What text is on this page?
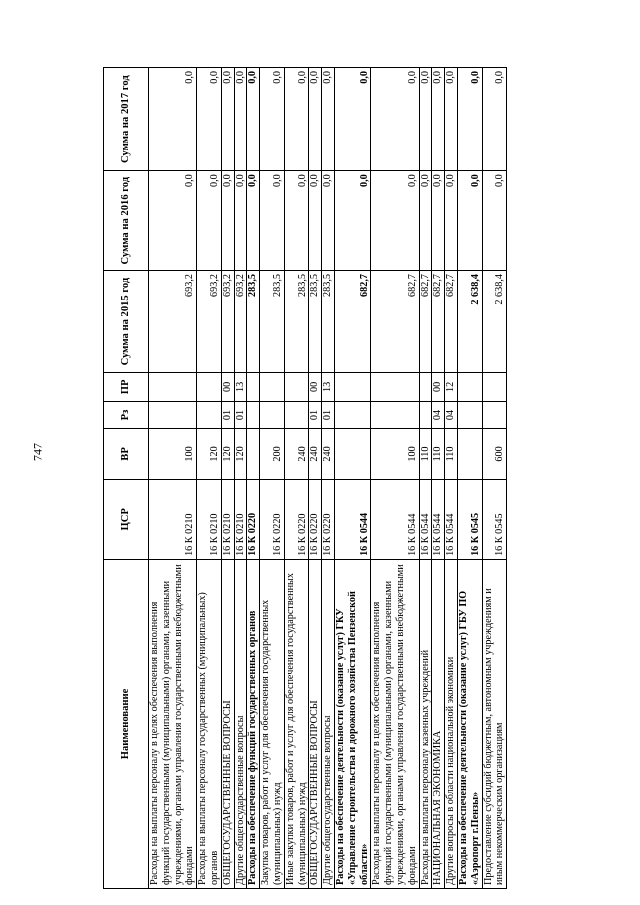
747
Наименование	ЦСР	ВР	Рз	ПР	Сумма на 2015 год	Сумма на 2016 год	Сумма на 2017 год
Расходы на выплаты персоналу в целях обеспечения выполнения функций государственными (муниципальными) органами, казенными учреждениями, органами управления государственными внебюджетными фондами	16 К 0210	100			693,2	0,0	0,0
Расходы на выплаты персоналу государственных (муниципальных) органов	16 К 0210	120			693,2	0,0	0,0
ОБЩЕГОСУДАРСТВЕННЫЕ ВОПРОСЫ	16 К 0210	120	01	00	693,2	0,0	0,0
Другие общегосударственные вопросы	16 К 0210	120	01	13	693,2	0,0	0,0
Расходы на обеспечение функций государственных органов	16 К 0220				283,5	0,0	0,0
Закупка товаров, работ и услуг для обеспечения государственных (муниципальных) нужд	16 К 0220	200			283,5	0,0	0,0
Иные закупки товаров, работ и услуг для обеспечения государственных (муниципальных) нужд	16 К 0220	240			283,5	0,0	0,0
ОБЩЕГОСУДАРСТВЕННЫЕ ВОПРОСЫ	16 К 0220	240	01	00	283,5	0,0	0,0
Другие общегосударственные вопросы	16 К 0220	240	01	13	283,5	0,0	0,0
Расходы на обеспечение деятельности (оказание услуг) ГКУ «Управление строительства и дорожного хозяйства Пензенской области»	16 К 0544				682,7	0,0	0,0
Расходы на выплаты персоналу в целях обеспечения выполнения функций государственными (муниципальными) органами, казенными учреждениями, органами управления государственными внебюджетными фондами	16 К 0544	100			682,7	0,0	0,0
Расходы на выплаты персоналу казенных учреждений	16 К 0544	110			682,7	0,0	0,0
НАЦИОНАЛЬНАЯ ЭКОНОМИКА	16 К 0544	110	04	00	682,7	0,0	0,0
Другие вопросы в области национальной экономики	16 К 0544	110	04	12	682,7	0,0	0,0
Расходы на обеспечение деятельности (оказание услуг) ГБУ ПО «Аэропорт г.Пензы»	16 К 0545				2 638,4	0,0	0,0
Предоставление субсидий бюджетным, автономным учреждениям и иным некоммерческим организациям	16 К 0545	600			2 638,4	0,0	0,0
